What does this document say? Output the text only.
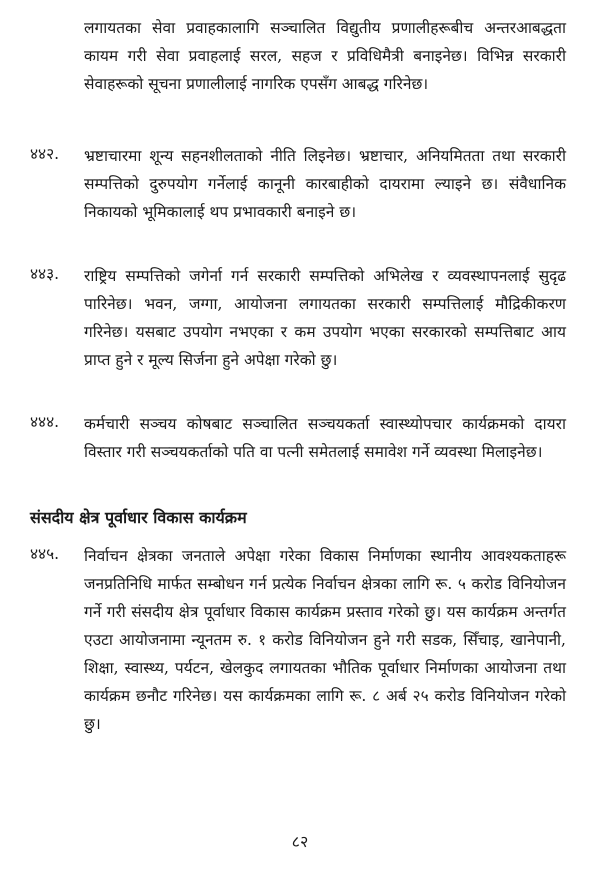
लगायतका सेवा प्रवाहकालागि सञ्चालित विद्युतीय प्रणालीहरूबीच अन्तरआबद्धता कायम गरी सेवा प्रवाहलाई सरल, सहज र प्रविधिमैत्री बनाइनेछ। विभिन्न सरकारी सेवाहरूको सूचना प्रणालीलाई नागरिक एपसँग आबद्ध गरिनेछ।

४४२. भ्रष्टाचारमा शून्य सहनशीलताको नीति लिइनेछ। भ्रष्टाचार, अनियमितता तथा सरकारी सम्पत्तिको दुरुपयोग गर्नेलाई कानूनी कारबाहीको दायरामा ल्याइने छ। संवैधानिक निकायको भूमिकालाई थप प्रभावकारी बनाइने छ।

४४३. राष्ट्रिय सम्पत्तिको जगेर्ना गर्न सरकारी सम्पत्तिको अभिलेख र व्यवस्थापनलाई सुदृढ पारिनेछ। भवन, जग्गा, आयोजना लगायतका सरकारी सम्पत्तिलाई मौद्रिकीकरण गरिनेछ। यसबाट उपयोग नभएका र कम उपयोग भएका सरकारको सम्पत्तिबाट आय प्राप्त हुने र मूल्य सिर्जना हुने अपेक्षा गरेको छु।

४४४. कर्मचारी सञ्चय कोषबाट सञ्चालित सञ्चयकर्ता स्वास्थ्योपचार कार्यक्रमको दायरा विस्तार गरी सञ्चयकर्ताको पति वा पत्नी समेतलाई समावेश गर्ने व्यवस्था मिलाइनेछ।

संसदीय क्षेत्र पूर्वाधार विकास कार्यक्रम
४४५. निर्वाचन क्षेत्रका जनताले अपेक्षा गरेका विकास निर्माणका स्थानीय आवश्यकताहरू जनप्रतिनिधि मार्फत सम्बोधन गर्न प्रत्येक निर्वाचन क्षेत्रका लागि रू. ५ करोड विनियोजन गर्ने गरी संसदीय क्षेत्र पूर्वाधार विकास कार्यक्रम प्रस्ताव गरेको छु। यस कार्यक्रम अन्तर्गत एउटा आयोजनामा न्यूनतम रु. १ करोड विनियोजन हुने गरी सडक, सिँचाइ, खानेपानी, शिक्षा, स्वास्थ्य, पर्यटन, खेलकुद लगायतका भौतिक पूर्वाधार निर्माणका आयोजना तथा कार्यक्रम छनौट गरिनेछ। यस कार्यक्रमका लागि रू. ८ अर्ब २५ करोड विनियोजन गरेको छु।

८२
